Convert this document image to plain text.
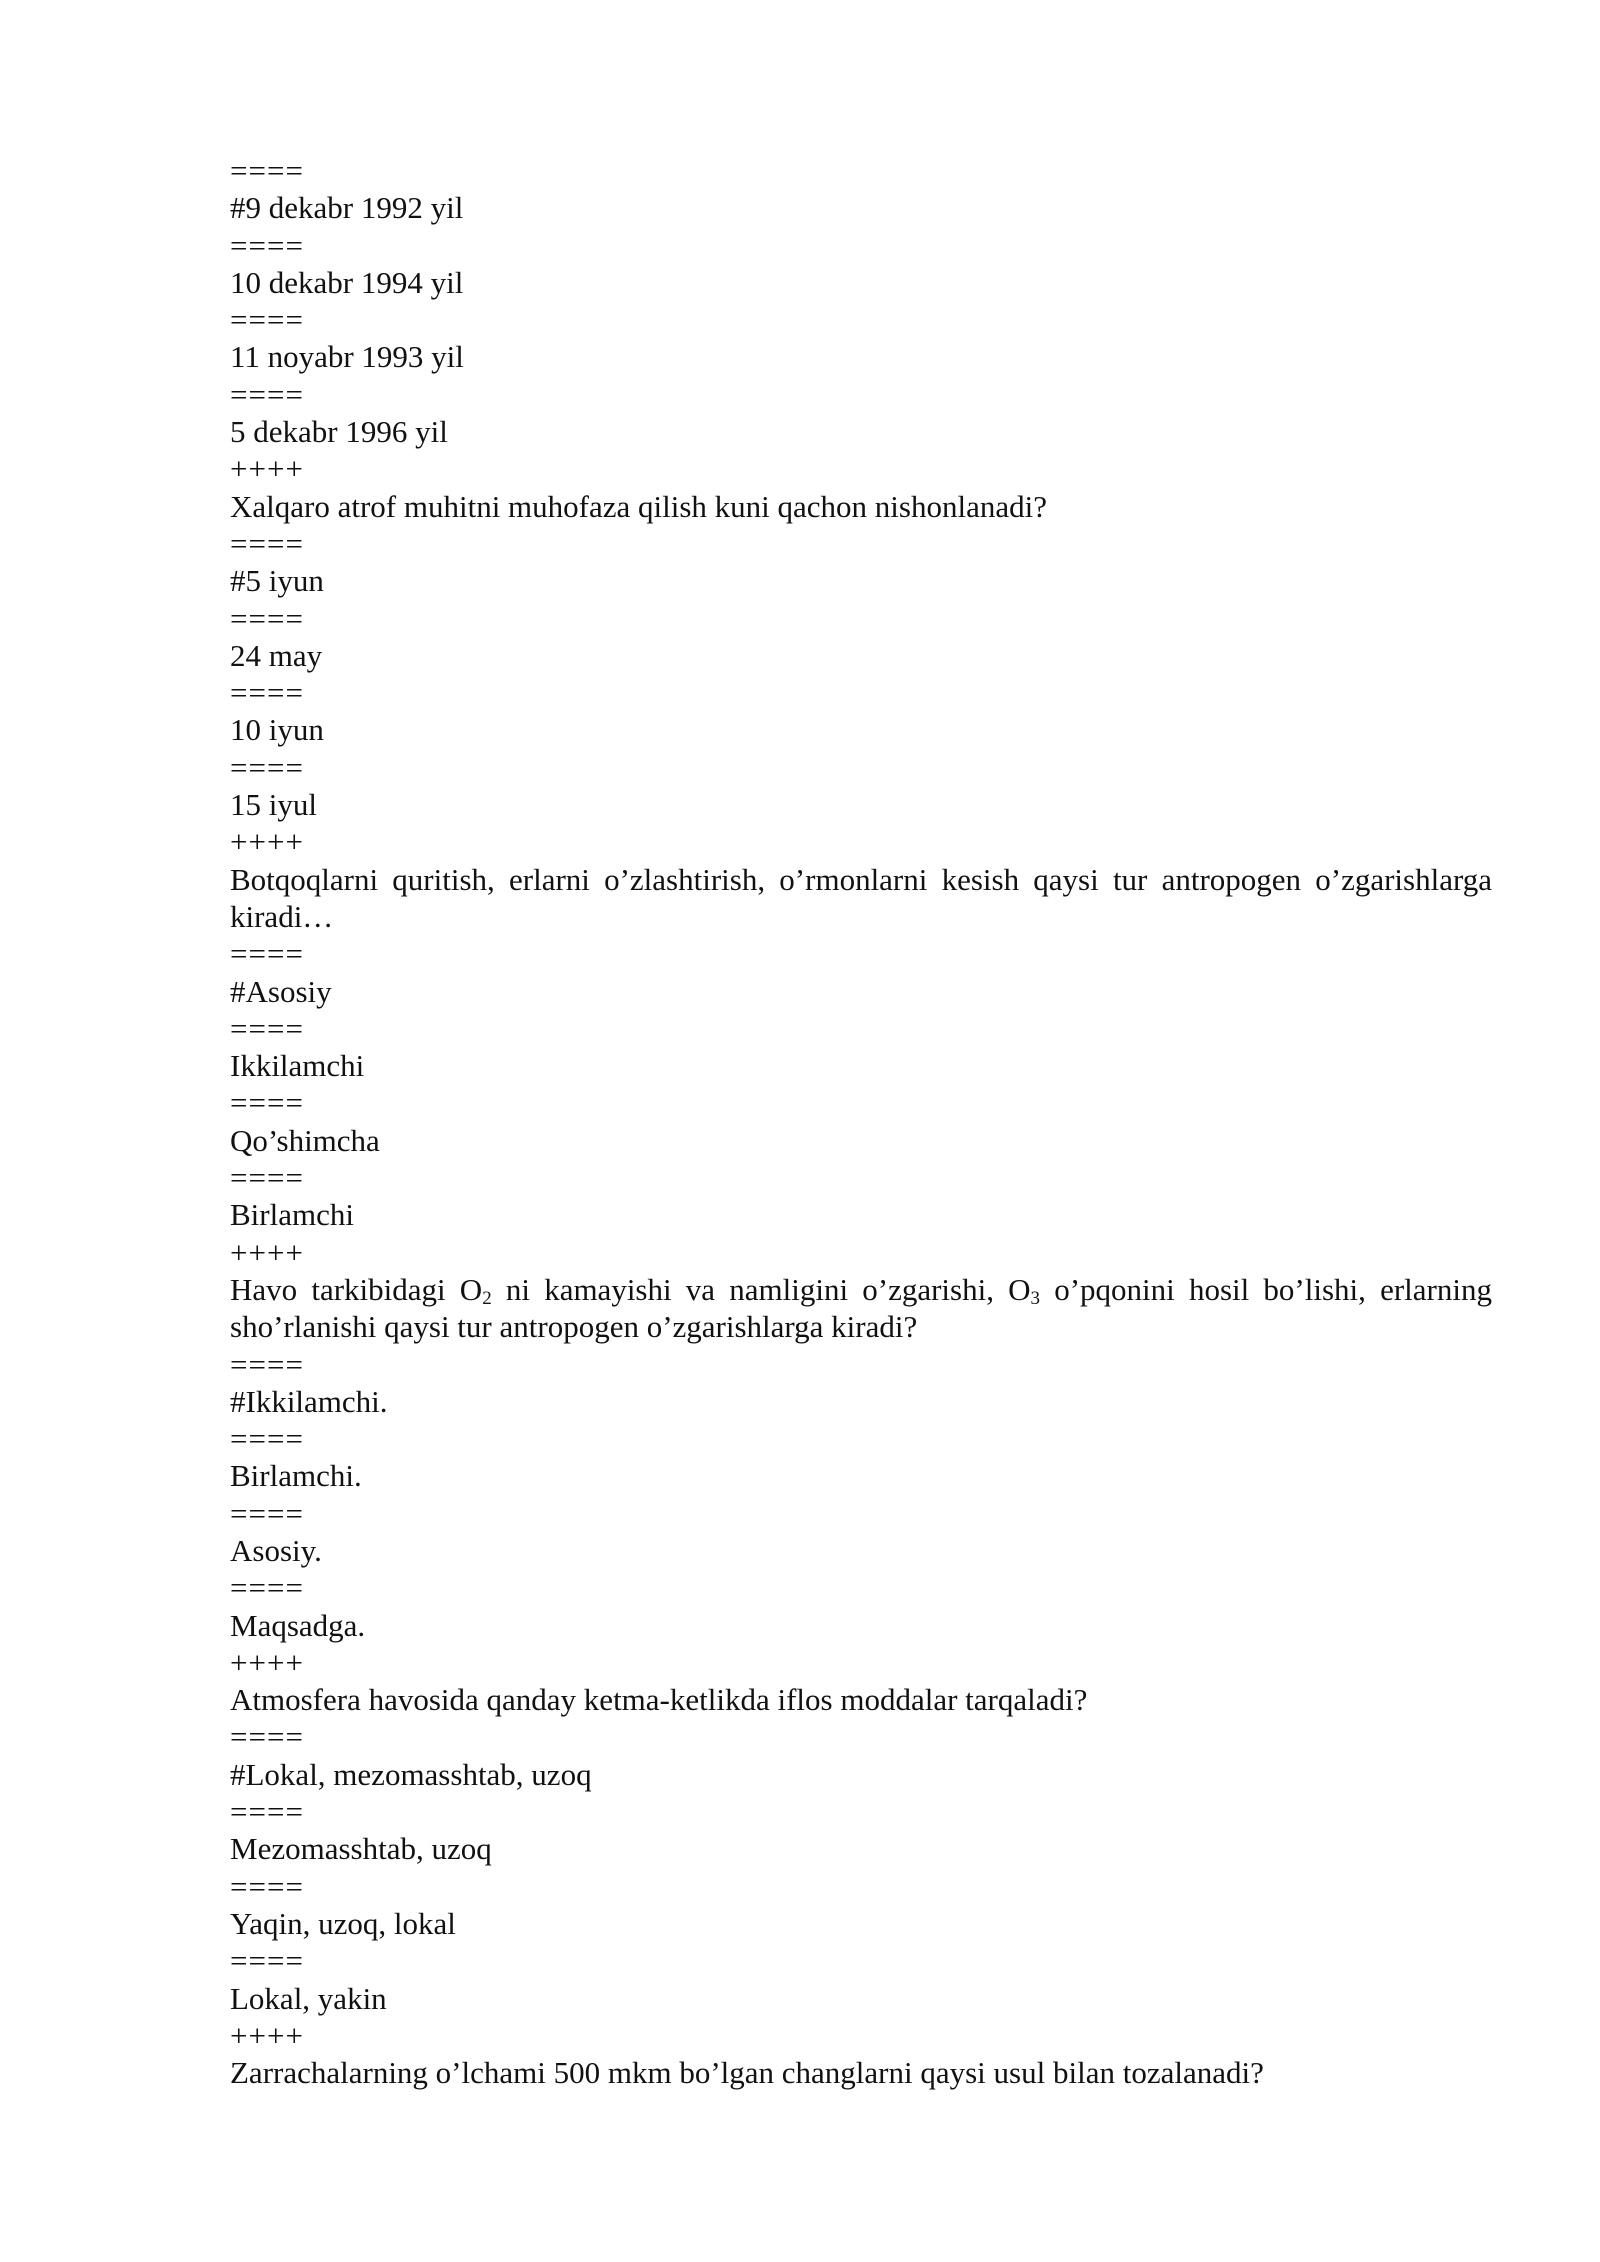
====

#9 dekabr 1992 yil

====

10 dekabr 1994 yil

====

11 noyabr 1993 yil

====

5 dekabr 1996 yil

++++

Xalqaro atrof muhitni muhofaza qilish kuni qachon nishonlanadi?

====

#5 iyun

====

24 may

====

10 iyun

====

15 iyul

++++

Botqoqlarni quritish, erlarni o’zlashtirish, o’rmonlarni kesish qaysi tur antropogen o’zgarishlarga kiradi…

====

#Asosiy

====

Ikkilamchi

====

Qo’shimcha

====

Birlamchi

++++

Havo tarkibidagi $O_2$ ni kamayishi va namligini o’zgarishi, $O_3$ o’pqonini hosil bo’lishi, erlarning sho’rlanishi qaysi tur antropogen o’zgarishlarga kiradi?

====

#Ikkilamchi.

====

Birlamchi.

====

Asosiy.

====

Maqsadga.

++++

Atmosfera havosida qanday ketma-ketlikda iflos moddalar tarqaladi?

====

#Lokal, mezomasshtab, uzoq

====

Mezomasshtab, uzoq

====

Yaqin, uzoq, lokal

====

Lokal, yakin

++++

Zarrachalarning o’lchami 500 mkm bo’lgan changlarni qaysi usul bilan tozalanadi?
